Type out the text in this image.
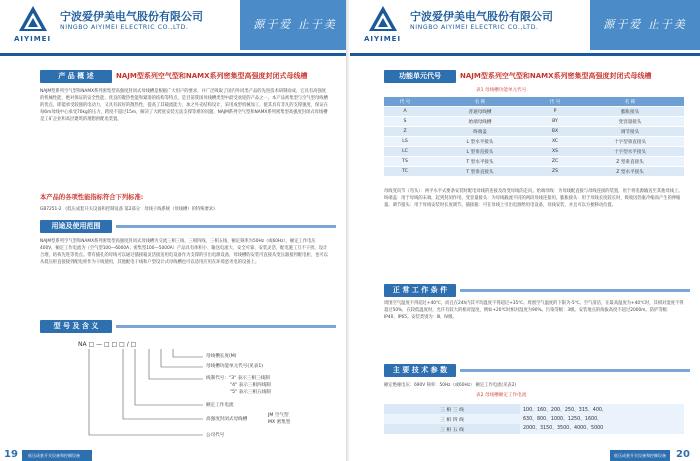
AIYIMEI
宁波爱伊美电气股份有限公司
NINGBO AIYIMEI ELECTRIC CO.,LTD.	源于爱 止于美
产 品 概 述	NAJM型系列空气型和NAMX系列密集型高强度封闭式母线槽
NAJM型系列空气型和NAMX系列密集型高强度封闭式母线槽是根据广大用户的要求，并广泛吸取了国内外同类产品的先进技术研制而成，它具有高强度的机械性能、绝对保证的安全性能、优良的散热性能和紧凑的结构等特点，是目前我国母线槽类型中最受欢迎的产品之一。本产品密集型与空气型母线槽的优点，即能承受较强的电动力，又具有较好的散热性，提高了其载流能力，加之外壳结构设计，采用成型机械加工、使其具有非凡的支撑强度，保证在每6m母线中心承受70kg的压力，跨度不超过15m，解决了大跨度安装无法支撑等难的问题，NAJM系列空气型和NAMX系列密集型高强度封闭式母线槽是工矿企业和高层建筑的理想供配电装置。
本产品的各项性能指标符合下列标准:
GB7251-2 《低压成套开关设备和控制设备 第2部分：母线干线系统（母线槽）的特殊要求》
用途及使用范围
NAJM型系列空气型和NAMX系列密集型高强度封闭式母线槽为交流三相三线、三相四线、三相五线，额定频率为50Hz（或60Hz），额定工作电压400V，额定工作电流为（空气型100—6000A；密集型100—5000A）产品具有体积小、输送电流大、安全可靠、安装灵活、配电施工互不干扰、设计合理，结构先进等优点。带有插孔的母线可以通过插接箱灵活接送用电设备作为支撑的引出电源设备，母线槽的安装可直接从变压器接到配电柜，也可以从低压柜直接接到配电柜作为干线使用，其他配电干线和户型设计式母线槽也可以适用应用在环境恶劣电的设备上。
型 号 及 含 义
NA □ — □ □ □ / □
母线槽长度(M)
母线槽功能单元代号(见表1)
线制代号："3" 表示三相三线制
"4" 表示三相四线制
"5" 表示三相五线制
额定工作电流
高强度封闭式母线槽
JM 空气型
MX 密集型
公司代号
低压成套开关设备和控制设备
19
AIYIMEI
宁波爱伊美电气股份有限公司
NINGBO AIYIMEI ELECTRIC CO.,LTD.	源于爱 止于美
功能单元代号	NAJM型系列空气型和NAMX系列密集型高强度封闭式母线槽
表1 母线槽功能单元代号
代 号	名 称	代 号	名 称
A	普通母线槽	P	膨胀接头
S	始端母线槽	BY	变容量接头
Z	终端盖	BX	调节接头
LS	L 型水平接头	XC	十字型垂直接头
LC	L 型垂直接头	XS	十字型水平接头
TS	T 型水平接头	ZC	Z 型垂直接头
TC	T 型垂直接头	ZS	Z 型水平接头
母线变向节（弯头）：两平水平式要条安装时配电母线的连接及改变母线的走向。始端母线：为母线配直接与母线连接的装置，用于将电源输送至其他母线上。终端盖：用于母线的末端，起到封闭作用。变容量接头：为母线截流不同的两段母线连接用。膨胀接头：用于母线长度较长时，吸收因热胀冷缩而产生的伸缩量。调节接头：用于母线安装时长度调节。插接箱：可在母线上引出电源给用电设备，母线安装，并且可以方便移动位置。
正 常 工 作 条 件
周围空气温度不得超过+40℃，而且在24h内其平均温度不得超过+35℃。周围空气温度的下限为-5℃。空气清洁，在最高温度为+40℃时，其相对湿度不得超过50%，在较低温度时，允许有较大的相对湿度，例如+20℃时相对湿度为90%。污染等级：3级。安装地点的海拔高度不超过2000m。防护等级：IP40、IP65。安装类别为：Ⅲ、Ⅳ级。
主 要 技 术 参 数
额定绝缘电压：690V 频率：50Hz（或60Hz） 额定工作电流(见表2)
表2 母线槽额定工作电流
三 相 三 线	100、160、200、250、315、400、
630、800、1000、1250、1600、
2000、3150、3500、4000、5000

三 相 四 线
三 相 五 线
低压成套开关设备和控制设备 20
